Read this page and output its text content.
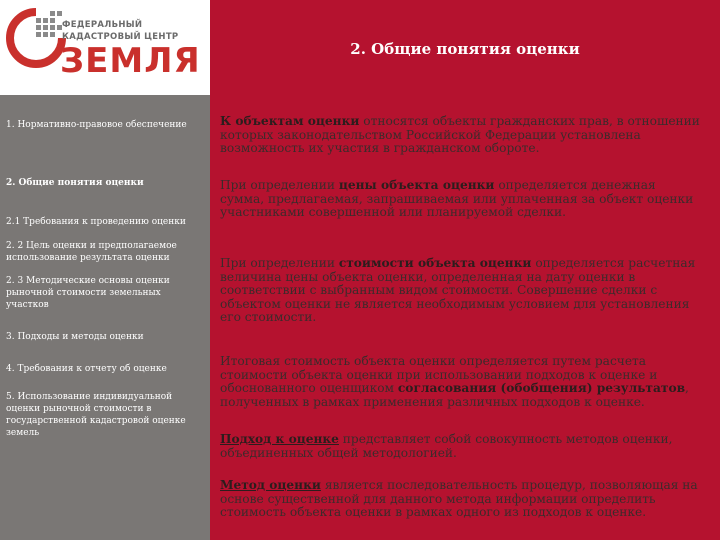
ФЕДЕРАЛЬНЫЙ
КАДАСТРОВЫЙ ЦЕНТР
ЗЕМЛЯ	2. Общие понятия оценки
1. Нормативно-правовое обеспечение
2. Общие понятия оценки
2.1 Требования к проведению оценки
2. 2 Цель оценки и предполагаемое использование результата оценки
2. 3 Методические основы оценки рыночной стоимости земельных участков
3. Подходы и методы оценки
4. Требования к отчету об оценке
5. Использование индивидуальной оценки рыночной стоимости в государственной кадастровой оценке земель
К объектам оценки относятся объекты гражданских прав, в отношении которых законодательством Российской Федерации установлена возможность их участия в гражданском обороте.
При определении цены объекта оценки определяется денежная сумма, предлагаемая, запрашиваемая или уплаченная за объект оценки участниками совершенной или планируемой сделки.
При определении стоимости объекта оценки определяется расчетная величина цены объекта оценки, определенная на дату оценки в соответствии с выбранным видом стоимости. Совершение сделки с объектом оценки не является необходимым условием для установления его стоимости.
Итоговая стоимость объекта оценки определяется путем расчета стоимости объекта оценки при использовании подходов к оценке и обоснованного оценщиком согласования (обобщения) результатов, полученных в рамках применения различных подходов к оценке.
Подход к оценке представляет собой совокупность методов оценки, объединенных общей методологией.
Метод оценки является последовательность процедур, позволяющая на основе существенной для данного метода информации определить стоимость объекта оценки в рамках одного из подходов к оценке.
